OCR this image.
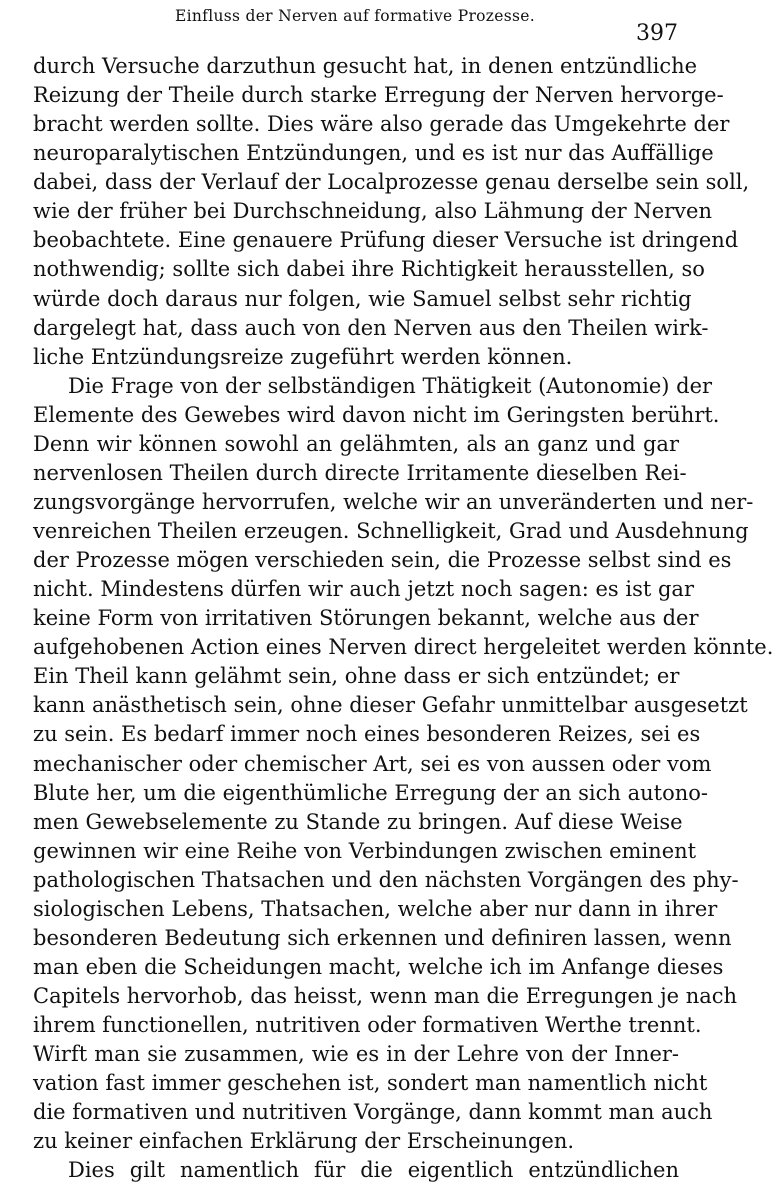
Einfluss der Nerven auf formative Prozesse.
397
durch Versuche darzuthun gesucht hat, in denen entzündliche
Reizung der Theile durch starke Erregung der Nerven hervorge-
bracht werden sollte. Dies wäre also gerade das Umgekehrte der
neuroparalytischen Entzündungen, und es ist nur das Auffällige
dabei, dass der Verlauf der Localprozesse genau derselbe sein soll,
wie der früher bei Durchschneidung, also Lähmung der Nerven
beobachtete. Eine genauere Prüfung dieser Versuche ist dringend
nothwendig; sollte sich dabei ihre Richtigkeit herausstellen, so
würde doch daraus nur folgen, wie Samuel selbst sehr richtig
dargelegt hat, dass auch von den Nerven aus den Theilen wirk-
liche Entzündungsreize zugeführt werden können.
Die Frage von der selbständigen Thätigkeit (Autonomie) der
Elemente des Gewebes wird davon nicht im Geringsten berührt.
Denn wir können sowohl an gelähmten, als an ganz und gar
nervenlosen Theilen durch directe Irritamente dieselben Rei-
zungsvorgänge hervorrufen, welche wir an unveränderten und ner-
venreichen Theilen erzeugen. Schnelligkeit, Grad und Ausdehnung
der Prozesse mögen verschieden sein, die Prozesse selbst sind es
nicht. Mindestens dürfen wir auch jetzt noch sagen: es ist gar
keine Form von irritativen Störungen bekannt, welche aus der
aufgehobenen Action eines Nerven direct hergeleitet werden könnte.
Ein Theil kann gelähmt sein, ohne dass er sich entzündet; er
kann anästhetisch sein, ohne dieser Gefahr unmittelbar ausgesetzt
zu sein. Es bedarf immer noch eines besonderen Reizes, sei es
mechanischer oder chemischer Art, sei es von aussen oder vom
Blute her, um die eigenthümliche Erregung der an sich autono-
men Gewebselemente zu Stande zu bringen. Auf diese Weise
gewinnen wir eine Reihe von Verbindungen zwischen eminent
pathologischen Thatsachen und den nächsten Vorgängen des phy-
siologischen Lebens, Thatsachen, welche aber nur dann in ihrer
besonderen Bedeutung sich erkennen und definiren lassen, wenn
man eben die Scheidungen macht, welche ich im Anfange dieses
Capitels hervorhob, das heisst, wenn man die Erregungen je nach
ihrem functionellen, nutritiven oder formativen Werthe trennt.
Wirft man sie zusammen, wie es in der Lehre von der Inner-
vation fast immer geschehen ist, sondert man namentlich nicht
die formativen und nutritiven Vorgänge, dann kommt man auch
zu keiner einfachen Erklärung der Erscheinungen.
Dies gilt namentlich für die eigentlich entzündlichen
